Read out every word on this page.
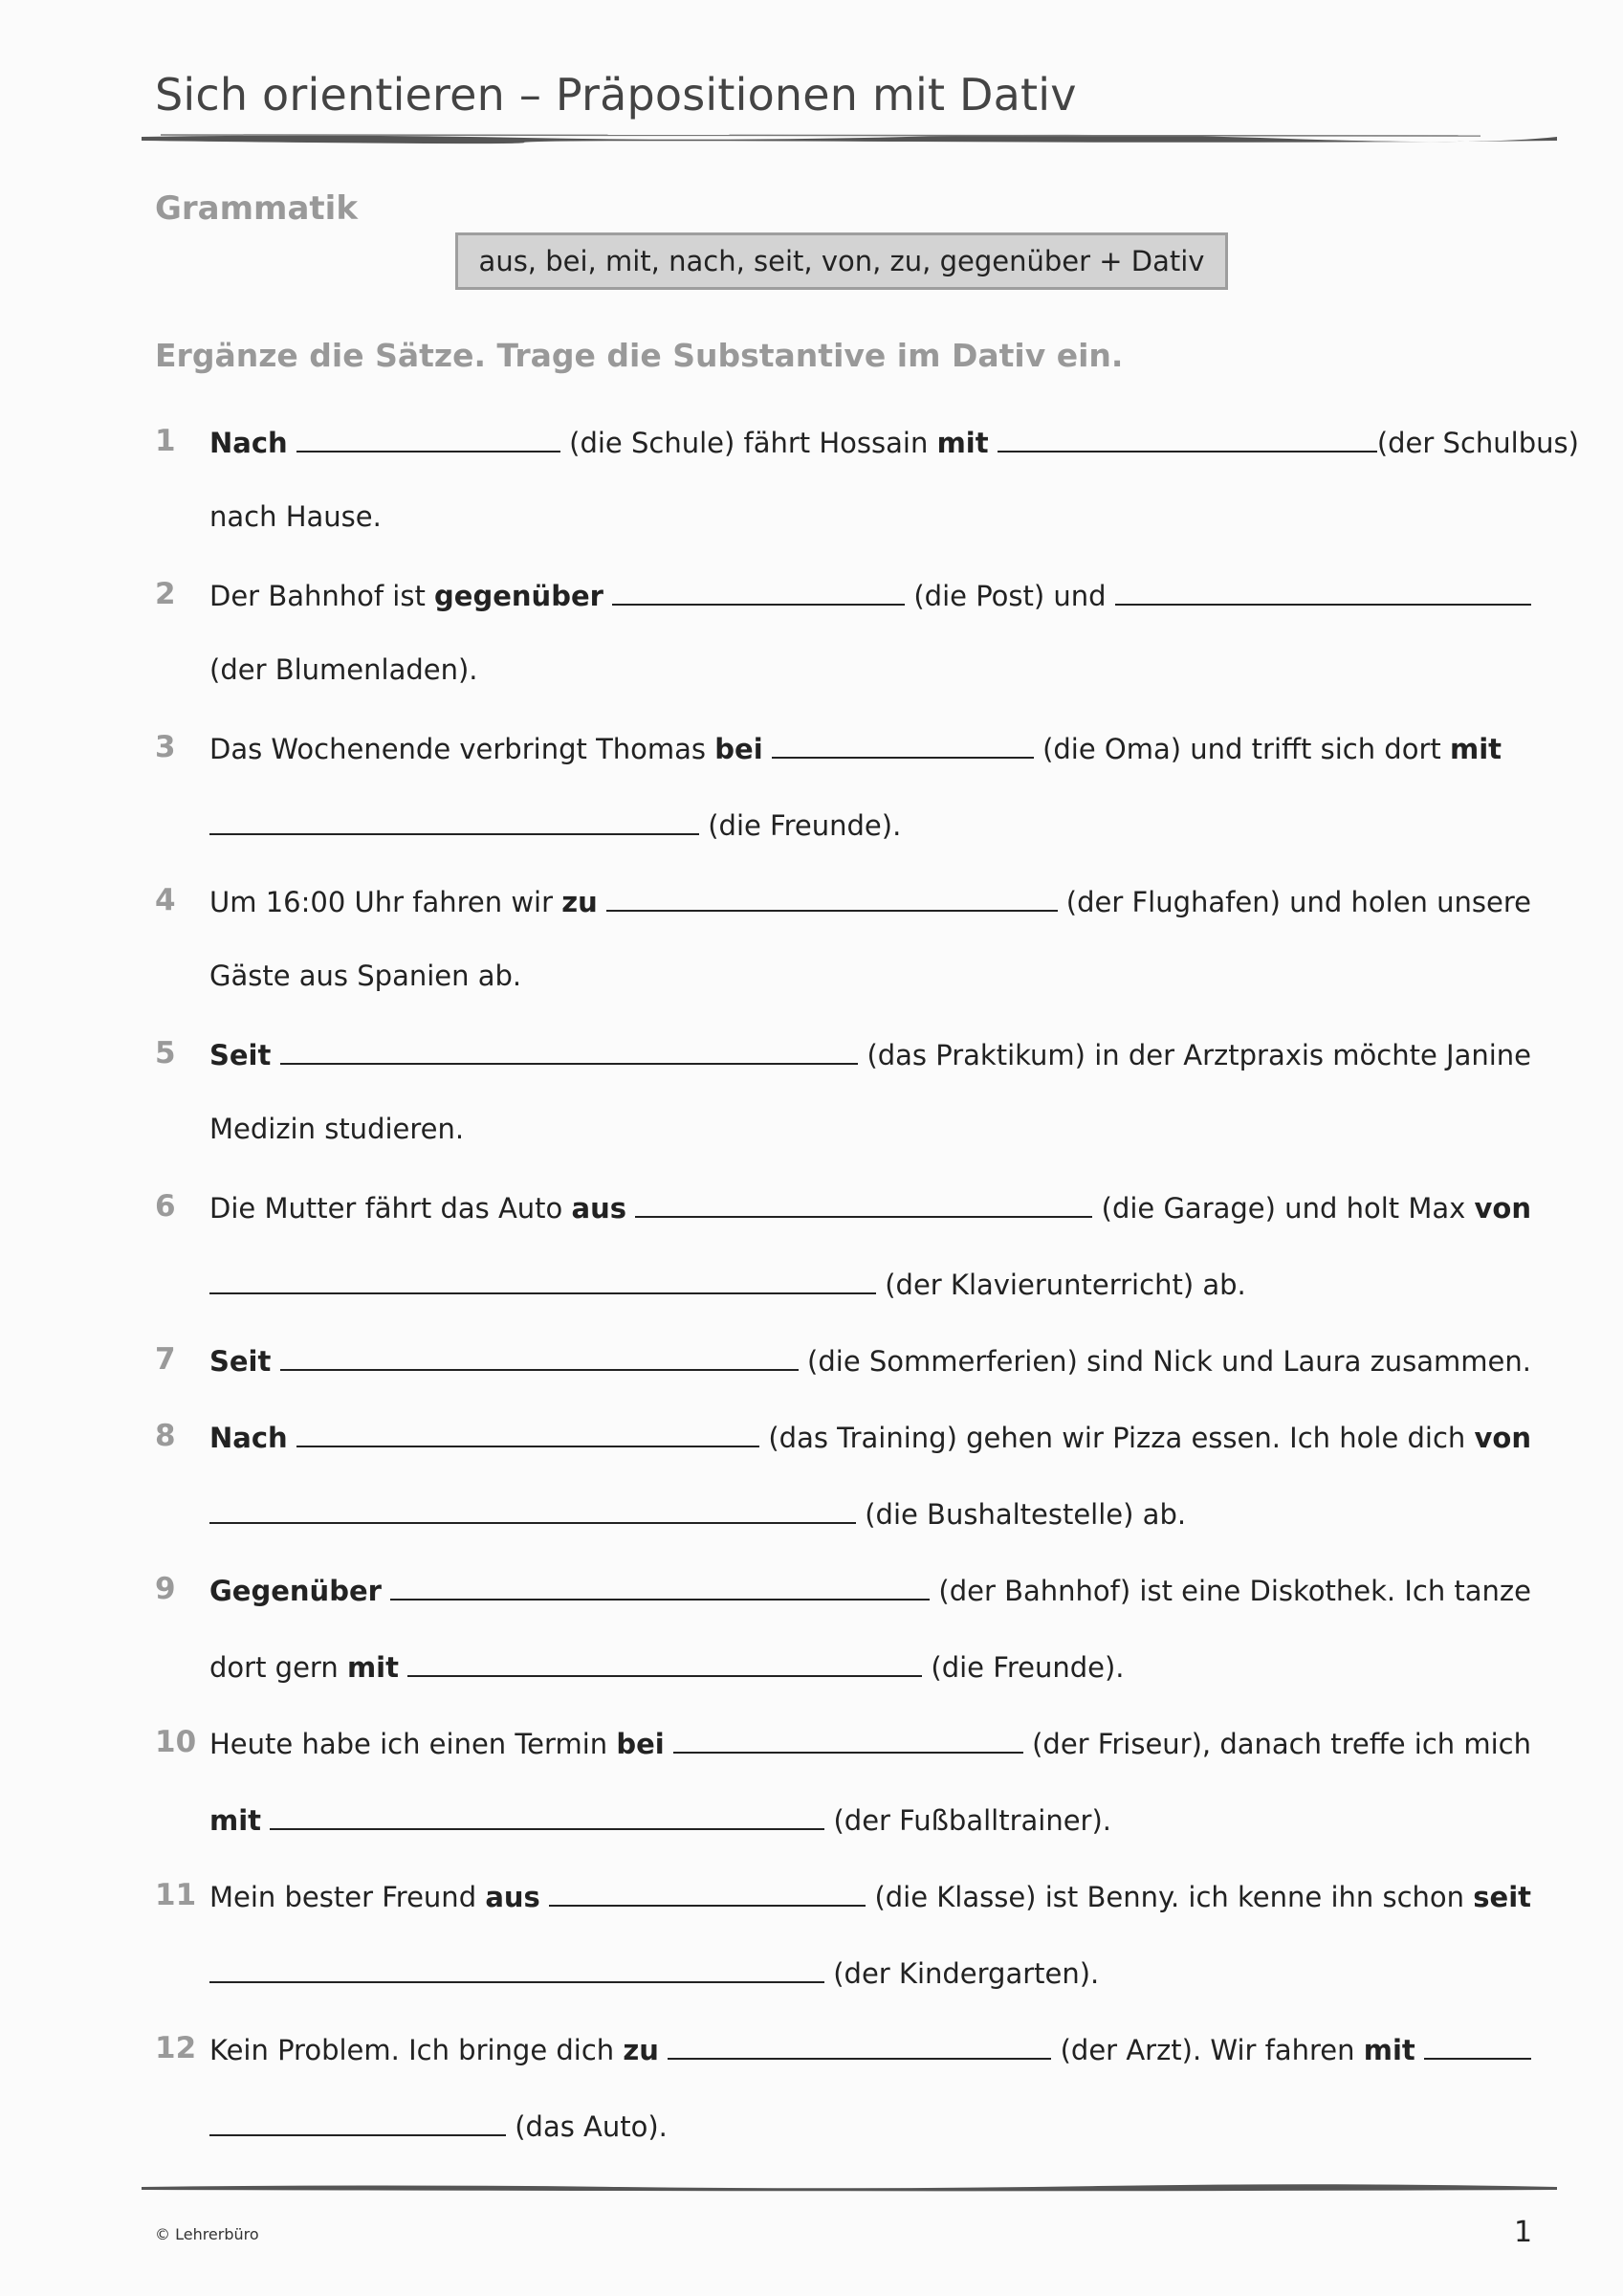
Sich orientieren – Präpositionen mit Dativ
Grammatik
aus, bei, mit, nach, seit, von, zu, gegenüber + Dativ
Ergänze die Sätze. Trage die Substantive im Dativ ein.
1	Nach	(die Schule) fährt Hossain mit	(der Schulbus)
nach Hause.
2	Der Bahnhof ist
gegenüber

	(die Post) und

(der Blumenladen).
3	Das Wochenende verbringt Thomas
bei

	(die Oma) und trifft sich dort
mit

(die Freunde).
4	Um 16:00 Uhr fahren wir
zu

	(der Flughafen) und holen unsere
Gäste aus Spanien ab.
5	Seit

	(das Praktikum) in der Arztpraxis möchte Janine
Medizin studieren.
6	Die Mutter fährt das Auto
aus

	(die Garage) und holt Max
von

(der Klavierunterricht) ab.
7	Seit

	(die Sommerferien) sind Nick und Laura zusammen.
8	Nach

	(das Training) gehen wir Pizza essen. Ich hole dich
von

(die Bushaltestelle) ab.
9	Gegenüber

	(der Bahnhof) ist eine Diskothek. Ich tanze
dort gern
mit

	(die Freunde).
10 Heute habe ich einen Termin
bei

	(der Friseur), danach treffe ich mich
mit

	(der Fußballtrainer).
11 Mein bester Freund
aus

	(die Klasse) ist Benny. ich kenne ihn schon
seit

(der Kindergarten).
12 Kein Problem. Ich bringe dich
zu

	(der Arzt). Wir fahren
mit

(das Auto).
© Lehrerbüro	1
